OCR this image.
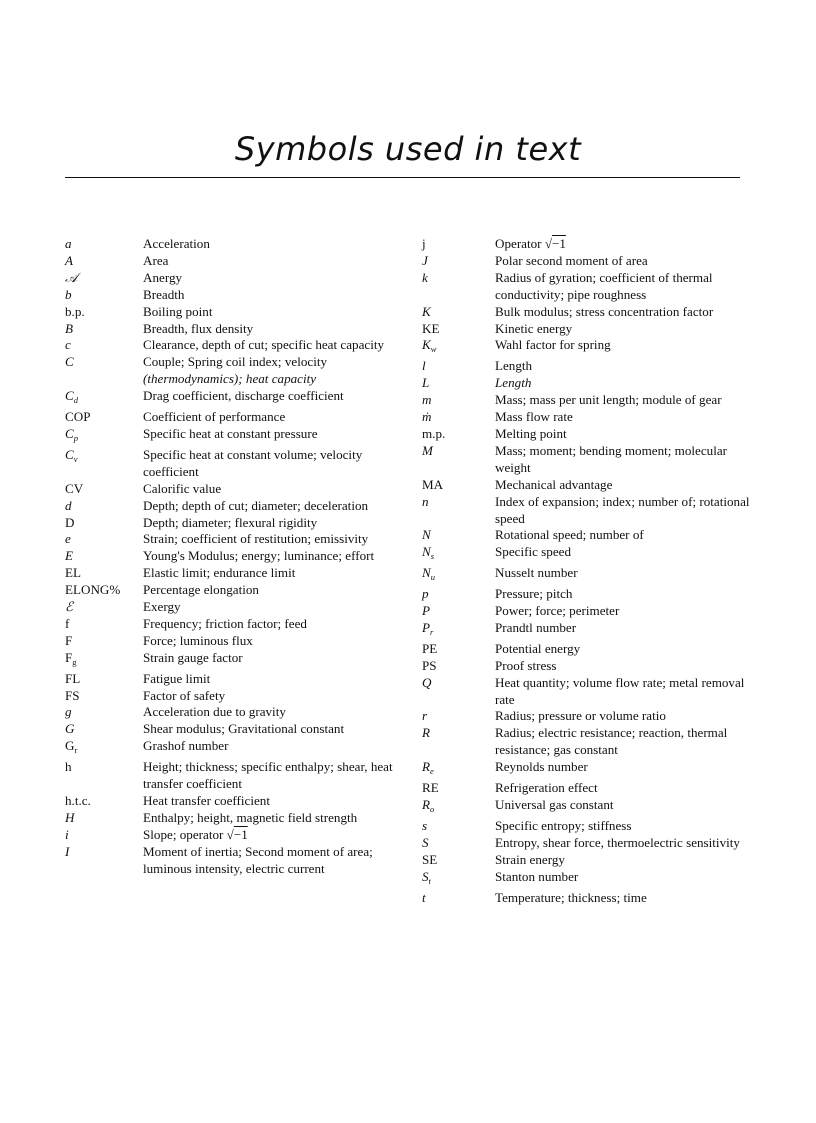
Symbols used in text
a	Acceleration
A	Area
𝒜	Anergy
b	Breadth
b.p.	Boiling point
B	Breadth, flux density
c	Clearance, depth of cut; specific heat capacity
C	Couple; Spring coil index; velocity (thermodynamics); heat capacity
$C_d$	Drag coefficient, discharge coefficient
COP	Coefficient of performance
$C_p$	Specific heat at constant pressure
$C_v$	Specific heat at constant volume; velocity coefficient
CV	Calorific value
d	Depth; depth of cut; diameter; deceleration
D	Depth; diameter; flexural rigidity
e	Strain; coefficient of restitution; emissivity
E	Young's Modulus; energy; luminance; effort
EL	Elastic limit; endurance limit
ELONG%	Percentage elongation
ℰ	Exergy
f	Frequency; friction factor; feed
F	Force; luminous flux
$F_g$	Strain gauge factor
FL	Fatigue limit
FS	Factor of safety
g	Acceleration due to gravity
G	Shear modulus; Gravitational constant
$G_r$	Grashof number
h	Height; thickness; specific enthalpy; shear, heat transfer coefficient
h.t.c.	Heat transfer coefficient
H	Enthalpy; height, magnetic field strength
i	Slope; operator √−1
I	Moment of inertia; Second moment of area; luminous intensity, electric current
j	Operator √−1
J	Polar second moment of area
k	Radius of gyration; coefficient of thermal conductivity; pipe roughness
K	Bulk modulus; stress concentration factor
KE	Kinetic energy
$K_w$	Wahl factor for spring
l	Length
L	Length
m	Mass; mass per unit length; module of gear
ṁ	Mass flow rate
m.p.	Melting point
M	Mass; moment; bending moment; molecular weight
MA	Mechanical advantage
n	Index of expansion; index; number of; rotational speed
N	Rotational speed; number of
$N_s$	Specific speed
$N_u$	Nusselt number
p	Pressure; pitch
P	Power; force; perimeter
$P_r$	Prandtl number
PE	Potential energy
PS	Proof stress
Q	Heat quantity; volume flow rate; metal removal rate
r	Radius; pressure or volume ratio
R	Radius; electric resistance; reaction, thermal resistance; gas constant
$R_e$	Reynolds number
RE	Refrigeration effect
$R_o$	Universal gas constant
s	Specific entropy; stiffness
S	Entropy, shear force, thermoelectric sensitivity
SE	Strain energy
$S_t$	Stanton number
t	Temperature; thickness; time
